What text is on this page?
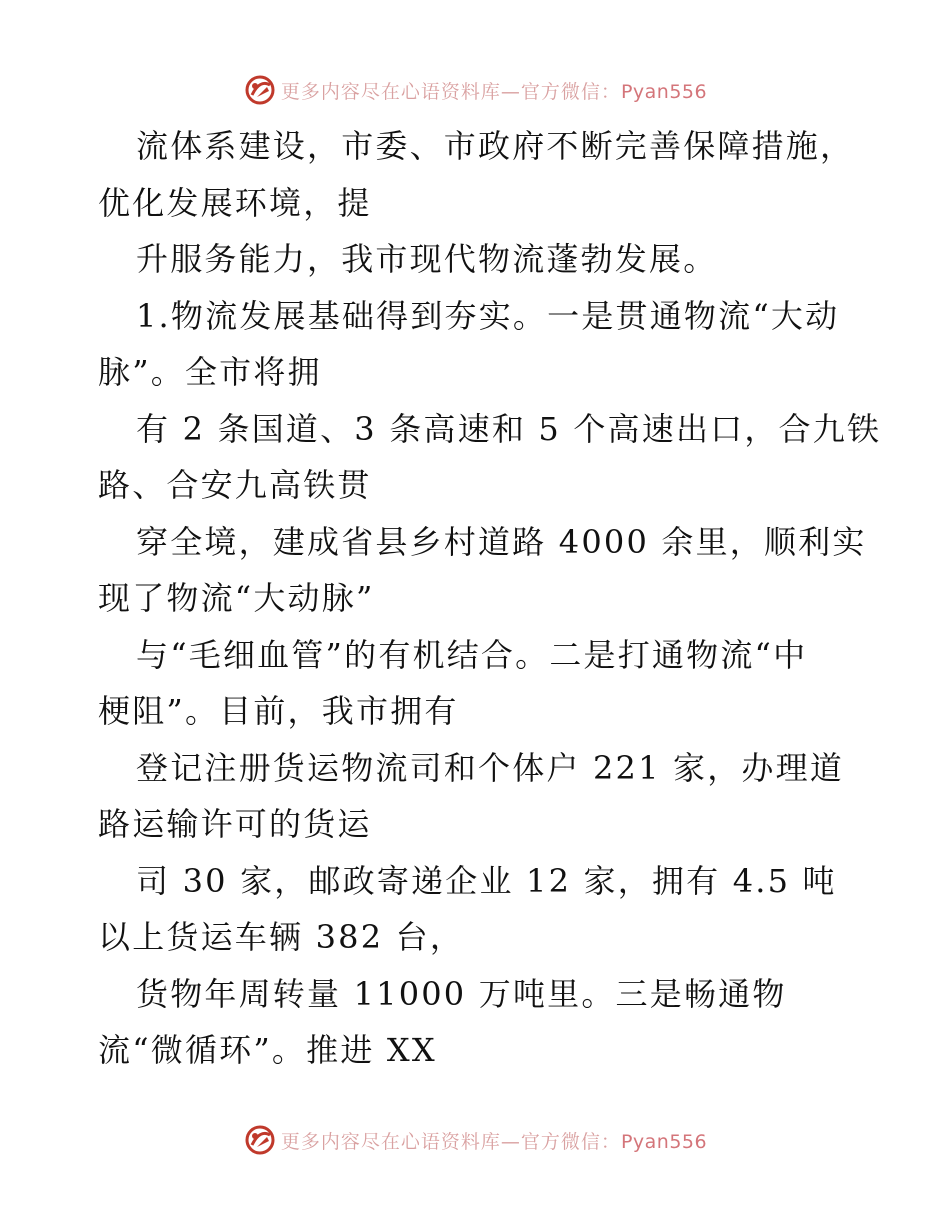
更多内容尽在心语资料库—官方微信：Pyan556

流体系建设，市委、市政府不断完善保障措施，
优化发展环境，提

升服务能力，我市现代物流蓬勃发展。

1.物流发展基础得到夯实。一是贯通物流“大动
脉”。全市将拥

有 2 条国道、3 条高速和 5 个高速出口，合九铁
路、合安九高铁贯

穿全境，建成省县乡村道路 4000 余里，顺利实
现了物流“大动脉”

与“毛细血管”的有机结合。二是打通物流“中
梗阻”。目前，我市拥有

登记注册货运物流司和个体户 221 家，办理道
路运输许可的货运

司 30 家，邮政寄递企业 12 家，拥有 4.5 吨
以上货运车辆 382 台，

货物年周转量 11000 万吨里。三是畅通物
流“微循环”。推进 XX

更多内容尽在心语资料库—官方微信：Pyan556
